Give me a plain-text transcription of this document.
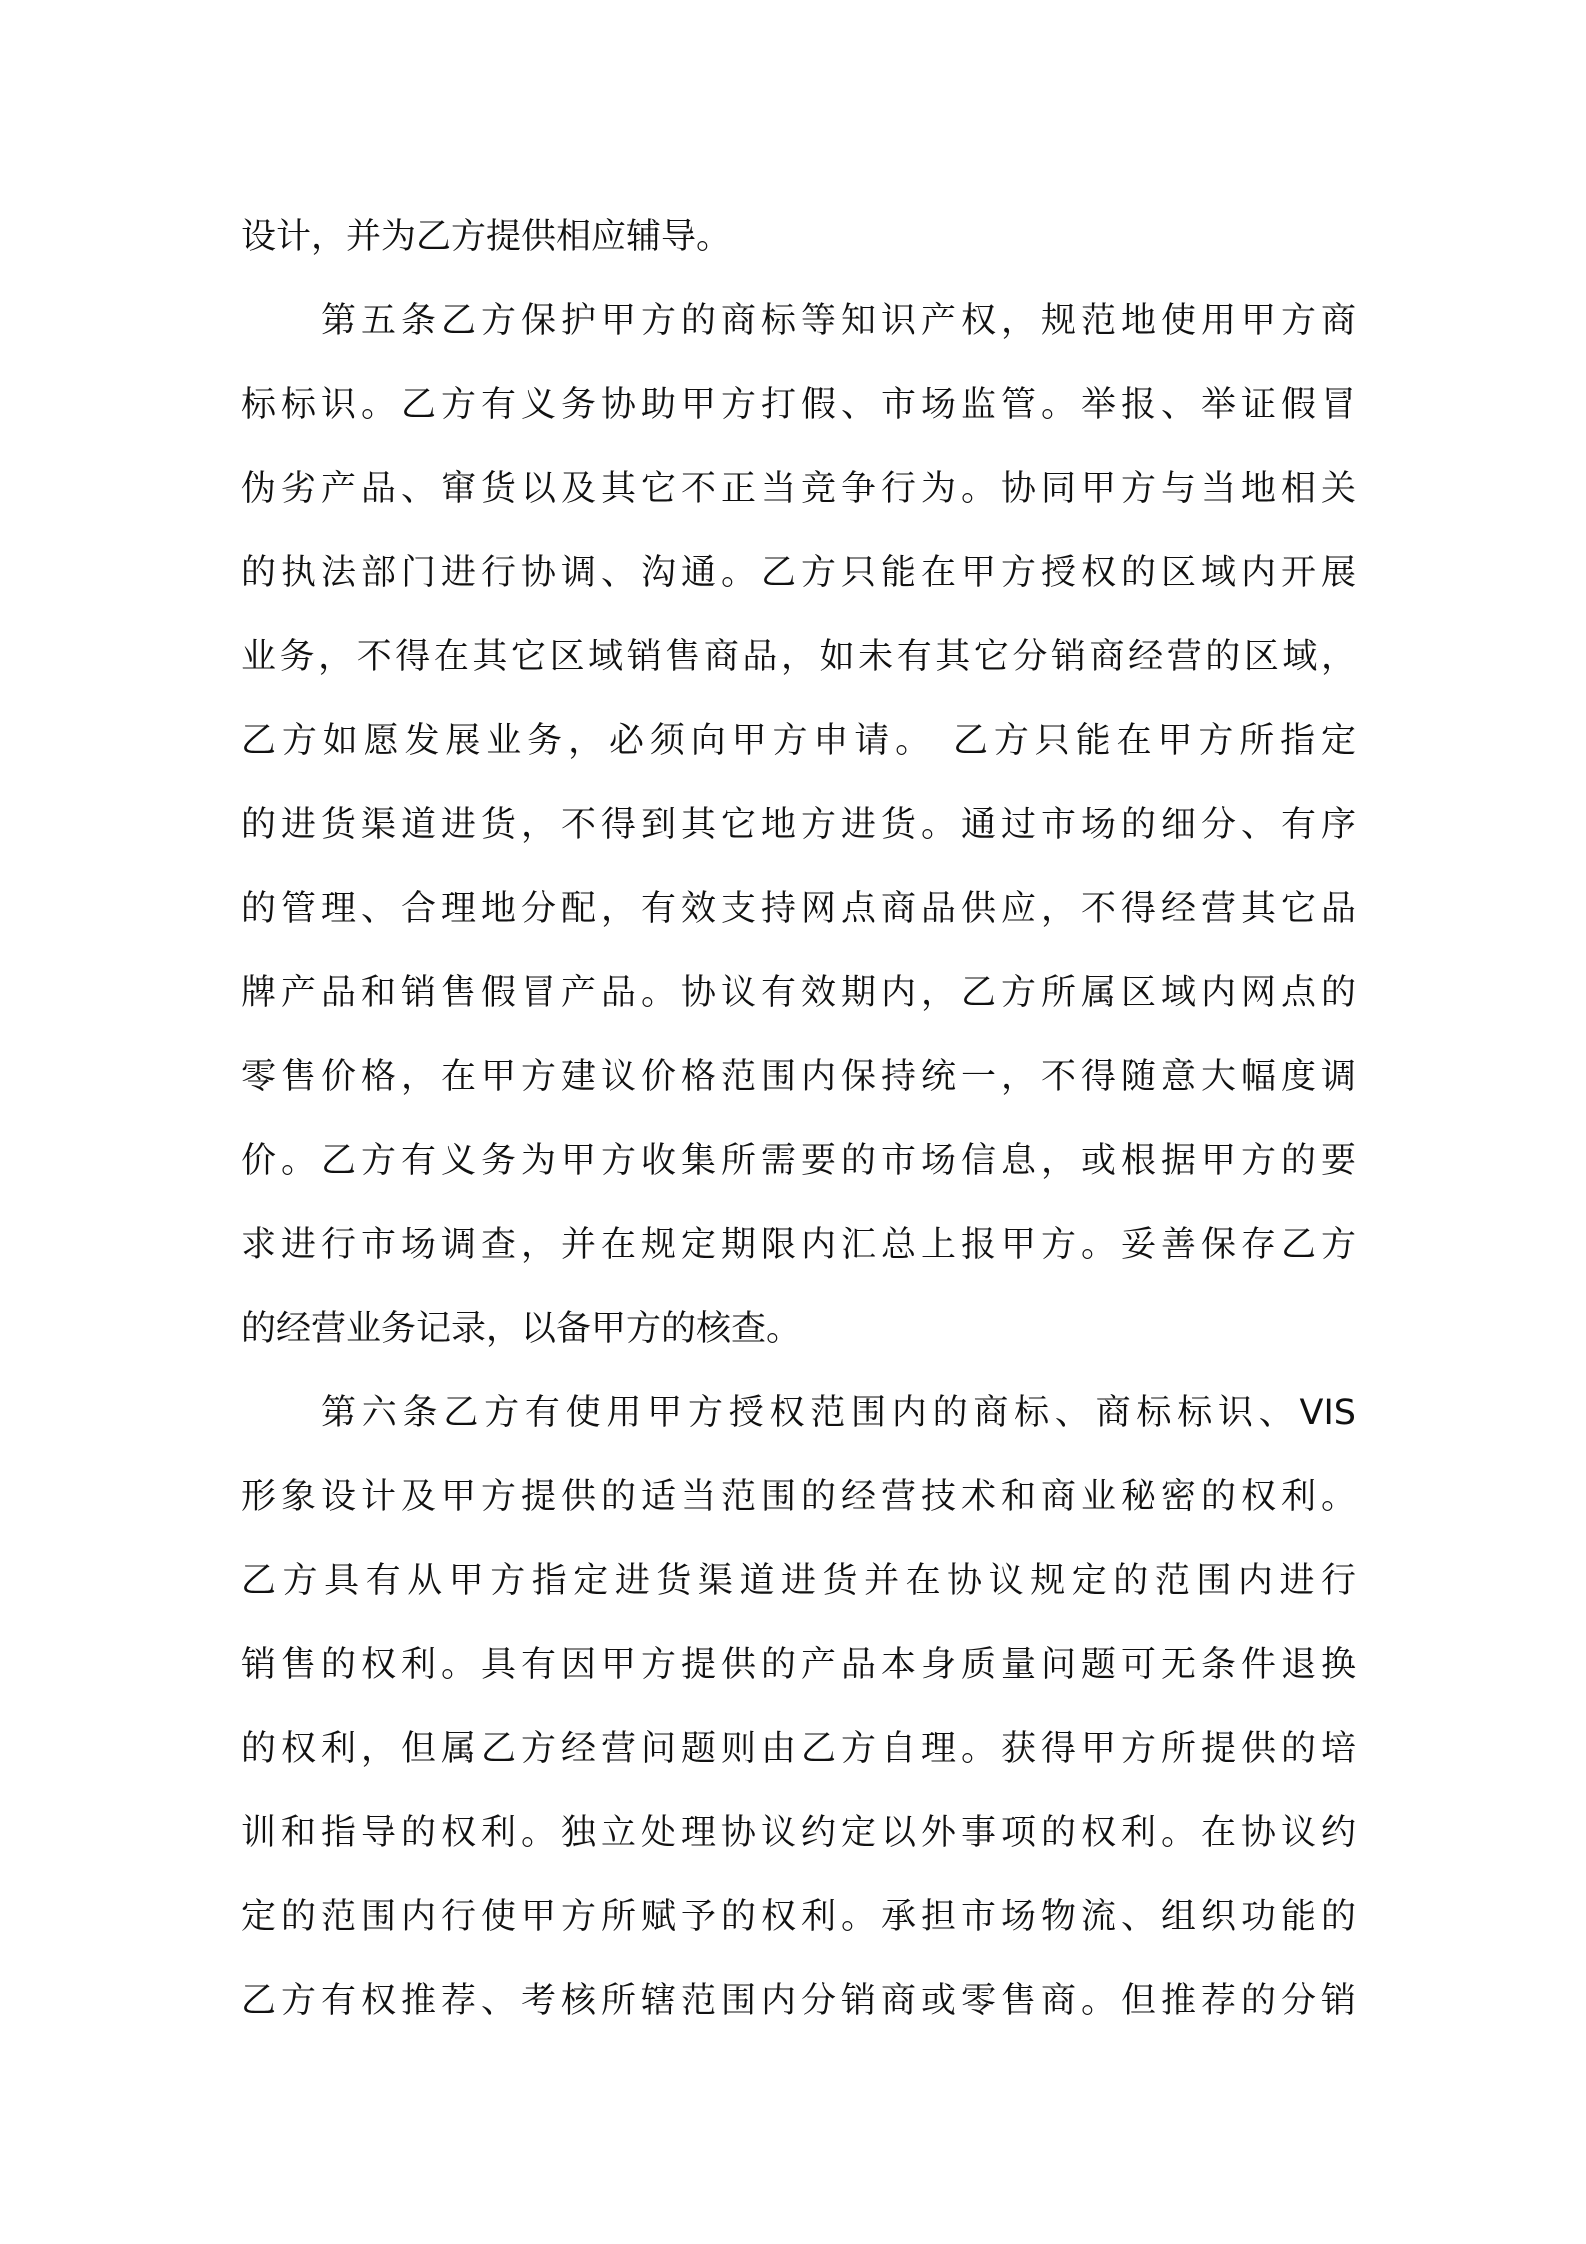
设计，并为乙方提供相应辅导。
第五条乙方保护甲方的商标等知识产权，规范地使用甲方商
标标识。乙方有义务协助甲方打假、市场监管。举报、举证假冒
伪劣产品、窜货以及其它不正当竞争行为。协同甲方与当地相关
的执法部门进行协调、沟通。乙方只能在甲方授权的区域内开展
业务，不得在其它区域销售商品，如未有其它分销商经营的区域，
乙方如愿发展业务，必须向甲方申请。 乙方只能在甲方所指定
的进货渠道进货，不得到其它地方进货。通过市场的细分、有序
的管理、合理地分配，有效支持网点商品供应，不得经营其它品
牌产品和销售假冒产品。协议有效期内，乙方所属区域内网点的
零售价格，在甲方建议价格范围内保持统一，不得随意大幅度调
价。乙方有义务为甲方收集所需要的市场信息，或根据甲方的要
求进行市场调查，并在规定期限内汇总上报甲方。妥善保存乙方
的经营业务记录，以备甲方的核查。
第六条乙方有使用甲方授权范围内的商标、商标标识、VIS
形象设计及甲方提供的适当范围的经营技术和商业秘密的权利。
乙方具有从甲方指定进货渠道进货并在协议规定的范围内进行
销售的权利。具有因甲方提供的产品本身质量问题可无条件退换
的权利，但属乙方经营问题则由乙方自理。获得甲方所提供的培
训和指导的权利。独立处理协议约定以外事项的权利。在协议约
定的范围内行使甲方所赋予的权利。承担市场物流、组织功能的
乙方有权推荐、考核所辖范围内分销商或零售商。但推荐的分销
